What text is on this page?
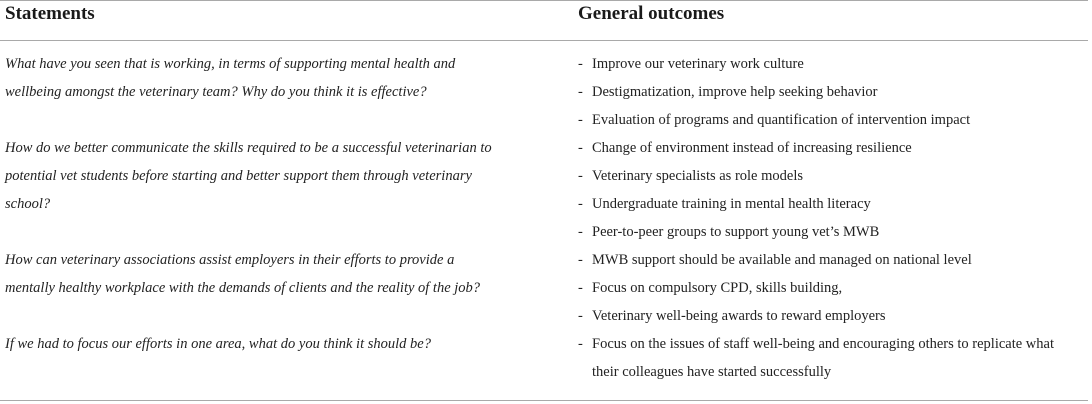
Statements	General outcomes
What have you seen that is working, in terms of supporting mental health and
wellbeing amongst the veterinary team? Why do you think it is effective?
- Improve our veterinary work culture
- Destigmatization, improve help seeking behavior
- Evaluation of programs and quantification of intervention impact
How do we better communicate the skills required to be a successful veterinarian to
potential vet students before starting and better support them through veterinary
school?
- Change of environment instead of increasing resilience
- Veterinary specialists as role models
- Undergraduate training in mental health literacy
- Peer-to-peer groups to support young vet’s MWB
How can veterinary associations assist employers in their efforts to provide a
mentally healthy workplace with the demands of clients and the reality of the job?
- MWB support should be available and managed on national level
- Focus on compulsory CPD, skills building,
- Veterinary well-being awards to reward employers
If we had to focus our efforts in one area, what do you think it should be?	- Focus on the issues of staff well-being and encouraging others to replicate what
their colleagues have started successfully
